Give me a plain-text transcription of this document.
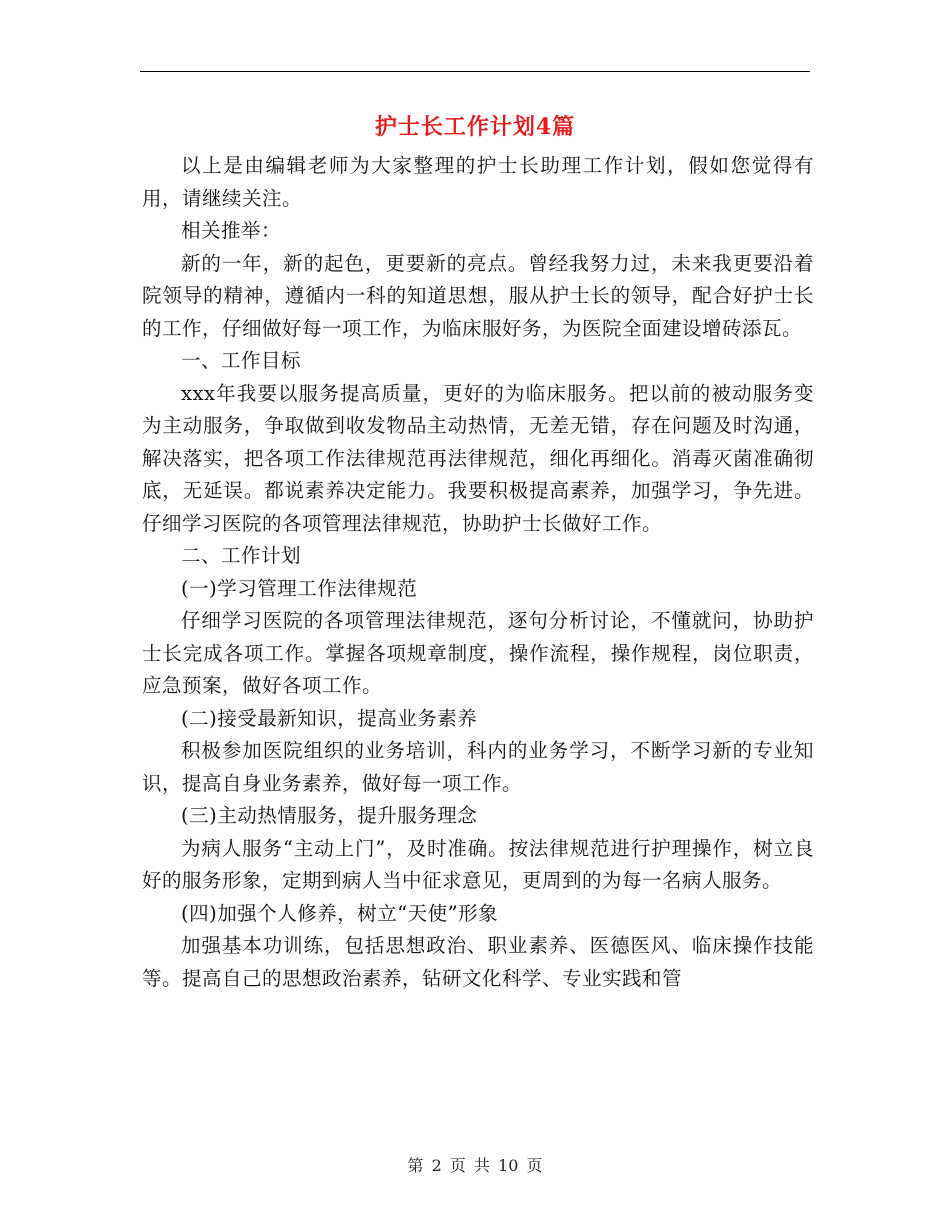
护士长工作计划4篇

以上是由编辑老师为大家整理的护士长助理工作计划，假如您觉得有用，请继续关注。

相关推举：

新的一年，新的起色，更要新的亮点。曾经我努力过，未来我更要沿着院领导的精神，遵循内一科的知道思想，服从护士长的领导，配合好护士长的工作，仔细做好每一项工作，为临床服好务，为医院全面建设增砖添瓦。

一、工作目标

xxx年我要以服务提高质量，更好的为临床服务。把以前的被动服务变为主动服务，争取做到收发物品主动热情，无差无错，存在问题及时沟通，解决落实，把各项工作法律规范再法律规范，细化再细化。消毒灭菌准确彻底，无延误。都说素养决定能力。我要积极提高素养，加强学习，争先进。仔细学习医院的各项管理法律规范，协助护士长做好工作。

二、工作计划

(一)学习管理工作法律规范

仔细学习医院的各项管理法律规范，逐句分析讨论，不懂就问，协助护士长完成各项工作。掌握各项规章制度，操作流程，操作规程，岗位职责，应急预案，做好各项工作。

(二)接受最新知识，提高业务素养

积极参加医院组织的业务培训，科内的业务学习，不断学习新的专业知识，提高自身业务素养，做好每一项工作。

(三)主动热情服务，提升服务理念

为病人服务“主动上门”，及时准确。按法律规范进行护理操作，树立良好的服务形象，定期到病人当中征求意见，更周到的为每一名病人服务。

(四)加强个人修养，树立“天使”形象

加强基本功训练，包括思想政治、职业素养、医德医风、临床操作技能等。提高自己的思想政治素养，钻研文化科学、专业实践和管

第 2 页 共 10 页
